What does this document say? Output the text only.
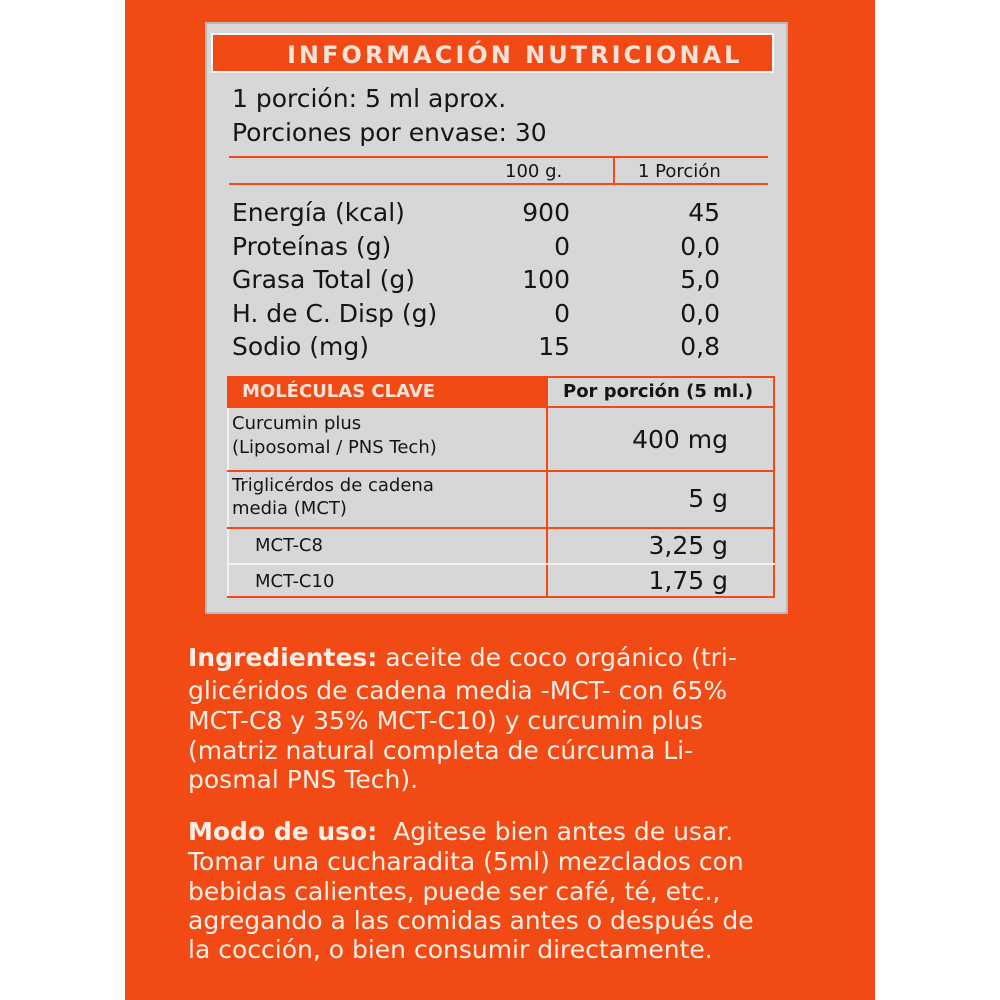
INFORMACIÓN NUTRICIONAL
1 porción: 5 ml aprox.
Porciones por envase: 30
100 g.	1 Porción
Energía (kcal)	900	45
Proteínas (g)	0	0,0
Grasa Total (g)	100	5,0
H. de C. Disp (g)	0	0,0
Sodio (mg)	15	0,8
MOLÉCULAS CLAVE	Por porción (5 ml.)
Curcumin plus
(Liposomal / PNS Tech)	400 mg
Triglicérdos de cadena
media (MCT)	5 g
MCT-C8	3,25 g
MCT-C10	1,75 g
Ingredientes: aceite de coco orgánico (tri-
glicéridos de cadena media -MCT- con 65%
MCT-C8 y 35% MCT-C10) y curcumin plus
(matriz natural completa de cúrcuma Li-
posmal PNS Tech).
Modo de uso:  Agitese bien antes de usar.
Tomar una cucharadita (5ml) mezclados con
bebidas calientes, puede ser café, té, etc.,
agregando a las comidas antes o después de
la cocción, o bien consumir directamente.
